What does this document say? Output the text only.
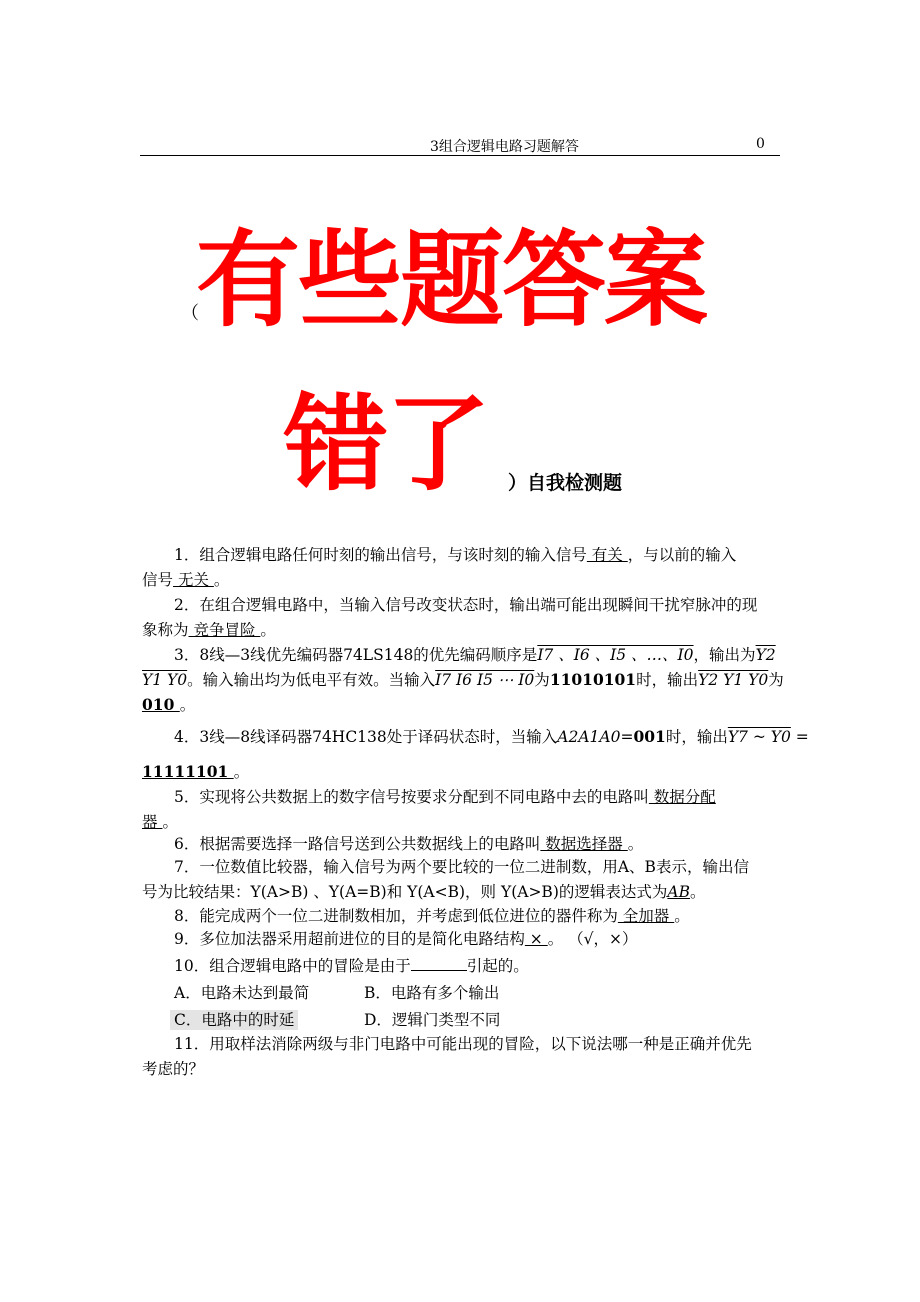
3组合逻辑电路习题解答	0
（
有些题答案
错了 ）自我检测题
1．组合逻辑电路任何时刻的输出信号，与该时刻的输入信号 有关 ，与以前的输入
信号 无关 。
2．在组合逻辑电路中，当输入信号改变状态时，输出端可能出现瞬间干扰窄脉冲的现
象称为 竞争冒险 。
3．8线—3线优先编码器74LS148的优先编码顺序是I7 、I6 、I5 、…、I0，输出为Y2
Y1 Y0。输入输出均为低电平有效。当输入I7 I6 I5 ⋯ I0为11010101时，输出Y2 Y1 Y0为
010 。
4．3线—8线译码器74HC138处于译码状态时，当输入A2A1A0=001时，输出Y7 ~ Y0 =
11111101 。
5．实现将公共数据上的数字信号按要求分配到不同电路中去的电路叫 数据分配
器 。
6．根据需要选择一路信号送到公共数据线上的电路叫 数据选择器 。
7．一位数值比较器，输入信号为两个要比较的一位二进制数，用A、B表示，输出信
号为比较结果：Y(A>B) 、Y(A=B)和 Y(A<B)，则 Y(A>B)的逻辑表达式为AB。
8．能完成两个一位二进制数相加，并考虑到低位进位的器件称为 全加器 。
9．多位加法器采用超前进位的目的是简化电路结构 × 。 （√，×）
10．组合逻辑电路中的冒险是由于	引起的。
A．电路未达到最简	B．电路有多个输出
C．电路中的时延	D．逻辑门类型不同
11．用取样法消除两级与非门电路中可能出现的冒险，以下说法哪一种是正确并优先
考虑的？
